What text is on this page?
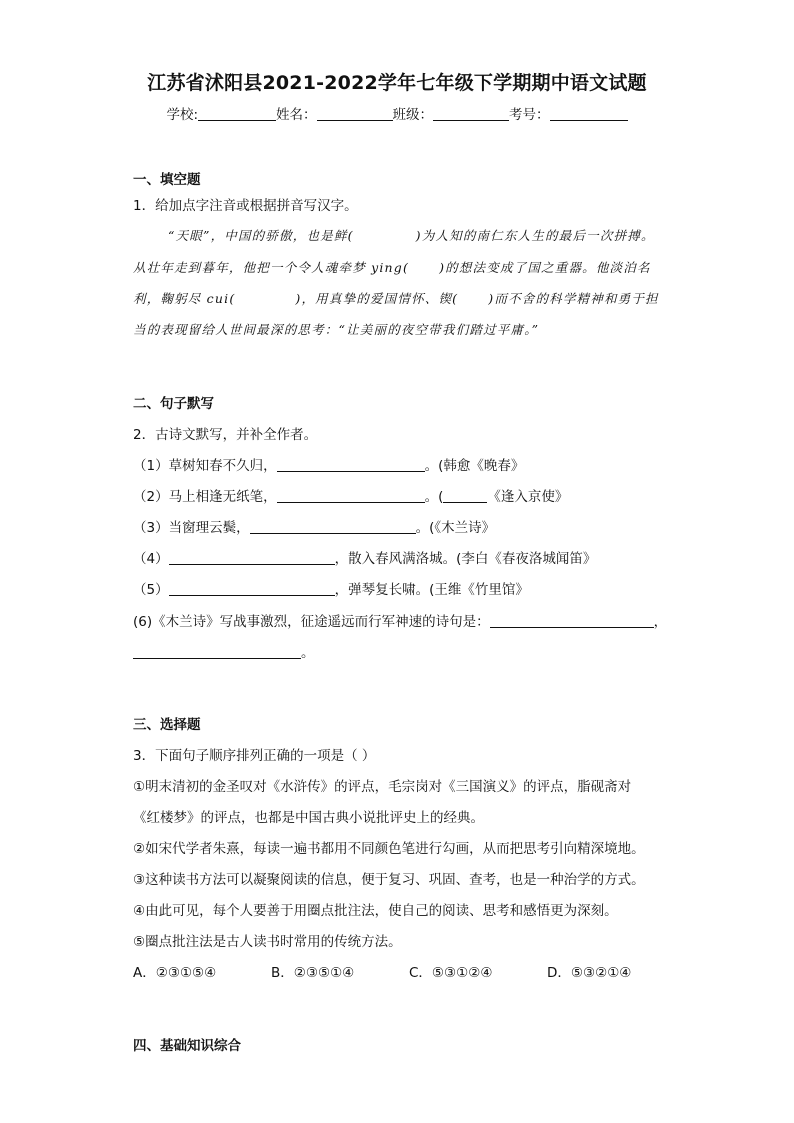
江苏省沭阳县2021-2022学年七年级下学期期中语文试题
学校:	姓名：	班级：	考号：
一、填空题
1．给加点字注音或根据拼音写汉字。
“天眼”，中国的骄傲，也是鲜(	)为人知的南仁东人生的最后一次拼搏。
从壮年走到暮年，他把一个令人魂牵梦 ying( )的想法变成了国之重器。他淡泊名
利，鞠躬尽 cui(	)，用真挚的爱国情怀、锲( )而不舍的科学精神和勇于担
当的表现留给人世间最深的思考：“让美丽的夜空带我们踏过平庸。”
二、句子默写
2．古诗文默写，并补全作者。
（1）草树知春不久归，	。(韩愈《晚春》
（2）马上相逢无纸笔，	。(	《逢入京使》
（3）当窗理云鬓，	。(《木兰诗》
（4）	，散入春风满洛城。(李白《春夜洛城闻笛》
（5）	，弹琴复长啸。(王维《竹里馆》
(6)《木兰诗》写战事激烈，征途遥远而行军神速的诗句是：	，
。
三、选择题
3．下面句子顺序排列正确的一项是（ ）
①明末清初的金圣叹对《水浒传》的评点，毛宗岗对《三国演义》的评点，脂砚斋对
《红楼梦》的评点，也都是中国古典小说批评史上的经典。
②如宋代学者朱熹，每读一遍书都用不同颜色笔进行勾画，从而把思考引向精深境地。
③这种读书方法可以凝聚阅读的信息，便于复习、巩固、查考，也是一种治学的方式。
④由此可见，每个人要善于用圈点批注法，使自己的阅读、思考和感悟更为深刻。
⑤圈点批注法是古人读书时常用的传统方法。
A．②③①⑤④	B．②③⑤①④	C．⑤③①②④	D．⑤③②①④
四、基础知识综合
